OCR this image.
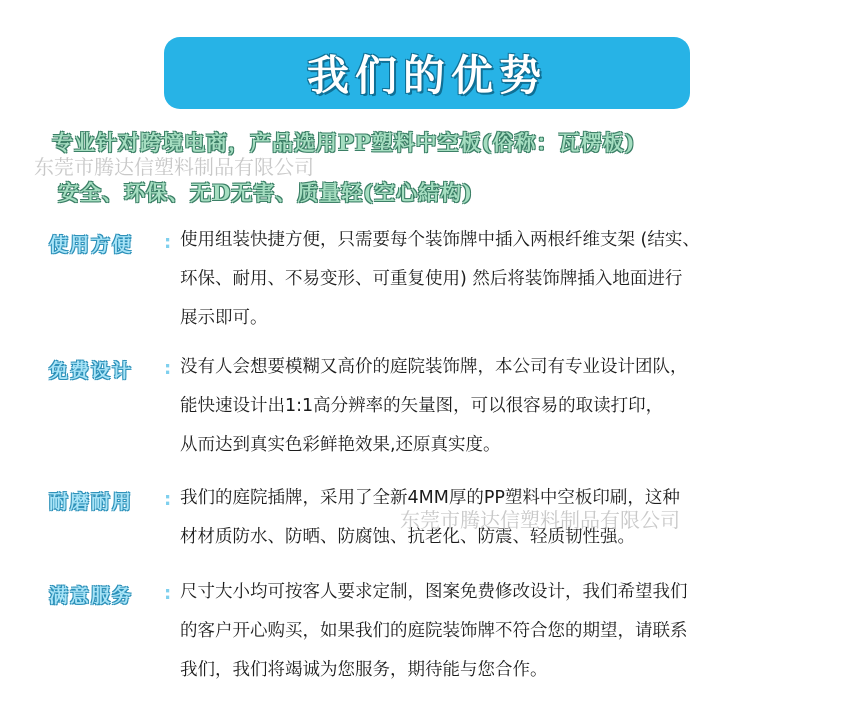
我们的优势
专业针对跨境电商，产品选用PP塑料中空板(俗称：瓦楞板)
安全、环保、无D无害、质量轻(空心結构)
东莞市腾达信塑料制品有限公司
使用方便 : 使用组装快捷方便，只需要每个装饰牌中插入两根纤维支架 (结实、
环保、耐用、不易变形、可重复使用) 然后将装饰牌插入地面进行
展示即可。
免费设计 : 没有人会想要模糊又高价的庭院装饰牌，本公司有专业设计团队，
能快速设计出1:1高分辨率的矢量图，可以很容易的取读打印，
从而达到真实色彩鲜艳效果,还原真实度。
耐磨耐用 : 我们的庭院插牌，采用了全新4MM厚的PP塑料中空板印刷，这种
材材质防水、防晒、防腐蚀、抗老化、防震、轻质韧性强。
东莞市腾达信塑料制品有限公司
满意服务 : 尺寸大小均可按客人要求定制，图案免费修改设计，我们希望我们
的客户开心购买，如果我们的庭院装饰牌不符合您的期望，请联系
我们，我们将竭诚为您服务，期待能与您合作。
